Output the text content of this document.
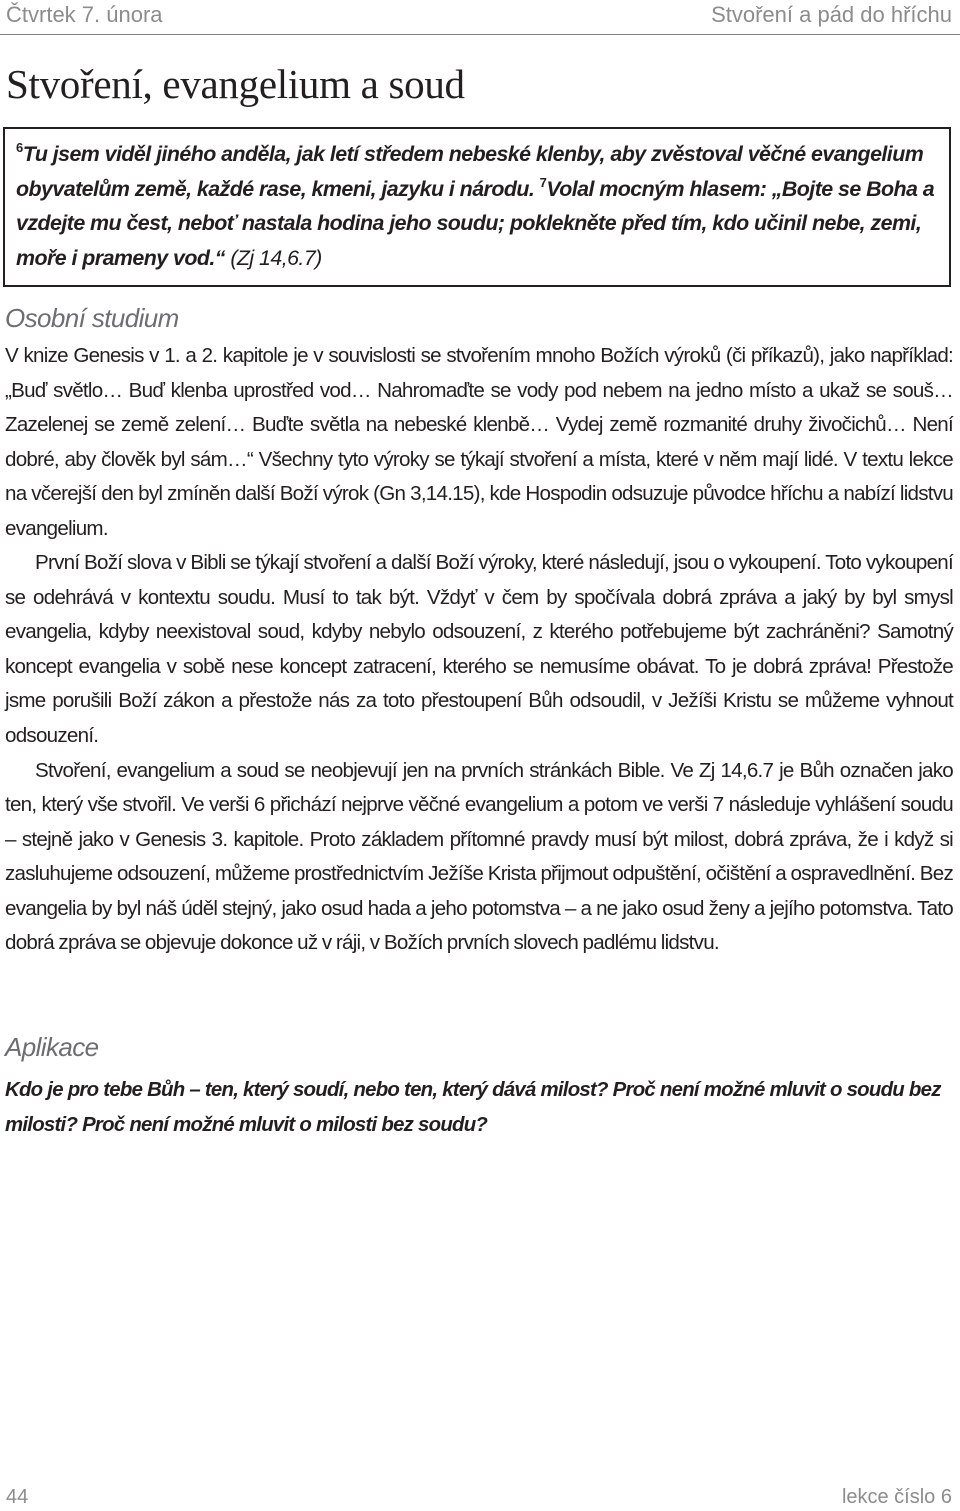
Čtvrtek 7. února	Stvoření a pád do hříchu
Stvoření, evangelium a soud
$^6$Tu jsem viděl jiného anděla, jak letí středem nebeské klenby, aby zvěstoval věčné evangelium obyvatelům země, každé rase, kmeni, jazyku i národu. $^7$Volal mocným hlasem: „Bojte se Boha a vzdejte mu čest, neboť nastala hodina jeho soudu; poklekněte před tím, kdo učinil nebe, zemi, moře i prameny vod.“ (Zj 14,6.7)
Osobní studium

V knize Genesis v 1. a 2. kapitole je v souvislosti se stvořením mnoho Božích výroků (či příkazů), jako například: „Buď světlo… Buď klenba uprostřed vod… Nahromaďte se vody pod nebem na jedno místo a ukaž se souš… Zazelenej se země zelení… Buďte světla na nebeské klenbě… Vydej země rozmanité druhy živočichů… Není dobré, aby člověk byl sám…“ Všechny tyto výroky se týkají stvoření a místa, které v něm mají lidé. V textu lekce na včerejší den byl zmíněn další Boží výrok (Gn 3,14.15), kde Hospodin odsuzuje původce hříchu a nabízí lidstvu evangelium.

První Boží slova v Bibli se týkají stvoření a další Boží výroky, které následují, jsou o vykoupení. Toto vykoupení se odehrává v kontextu soudu. Musí to tak být. Vždyť v čem by spočívala dobrá zpráva a jaký by byl smysl evangelia, kdyby neexistoval soud, kdyby nebylo odsouzení, z kterého potřebujeme být zachráněni? Samotný koncept evangelia v sobě nese koncept zatracení, kterého se nemusíme obávat. To je dobrá zpráva! Přestože jsme porušili Boží zákon a přestože nás za toto přestoupení Bůh odsoudil, v Ježíši Kristu se můžeme vyhnout odsouzení.

Stvoření, evangelium a soud se neobjevují jen na prvních stránkách Bible. Ve Zj 14,6.7 je Bůh označen jako ten, který vše stvořil. Ve verši 6 přichází nejprve věčné evangelium a potom ve verši 7 následuje vyhlášení soudu – stejně jako v Genesis 3. kapitole. Proto základem přítomné pravdy musí být milost, dobrá zpráva, že i když si zasluhujeme odsouzení, můžeme prostřednictvím Ježíše Krista přijmout odpuštění, očištění a ospravedlnění. Bez evangelia by byl náš úděl stejný, jako osud hada a jeho potomstva – a ne jako osud ženy a jejího potomstva. Tato dobrá zpráva se objevuje dokonce už v ráji, v Božích prvních slovech padlému lidstvu.

Aplikace
Kdo je pro tebe Bůh – ten, který soudí, nebo ten, který dává milost? Proč není možné mluvit o soudu bez milosti? Proč není možné mluvit o milosti bez soudu?
44	lekce číslo 6
